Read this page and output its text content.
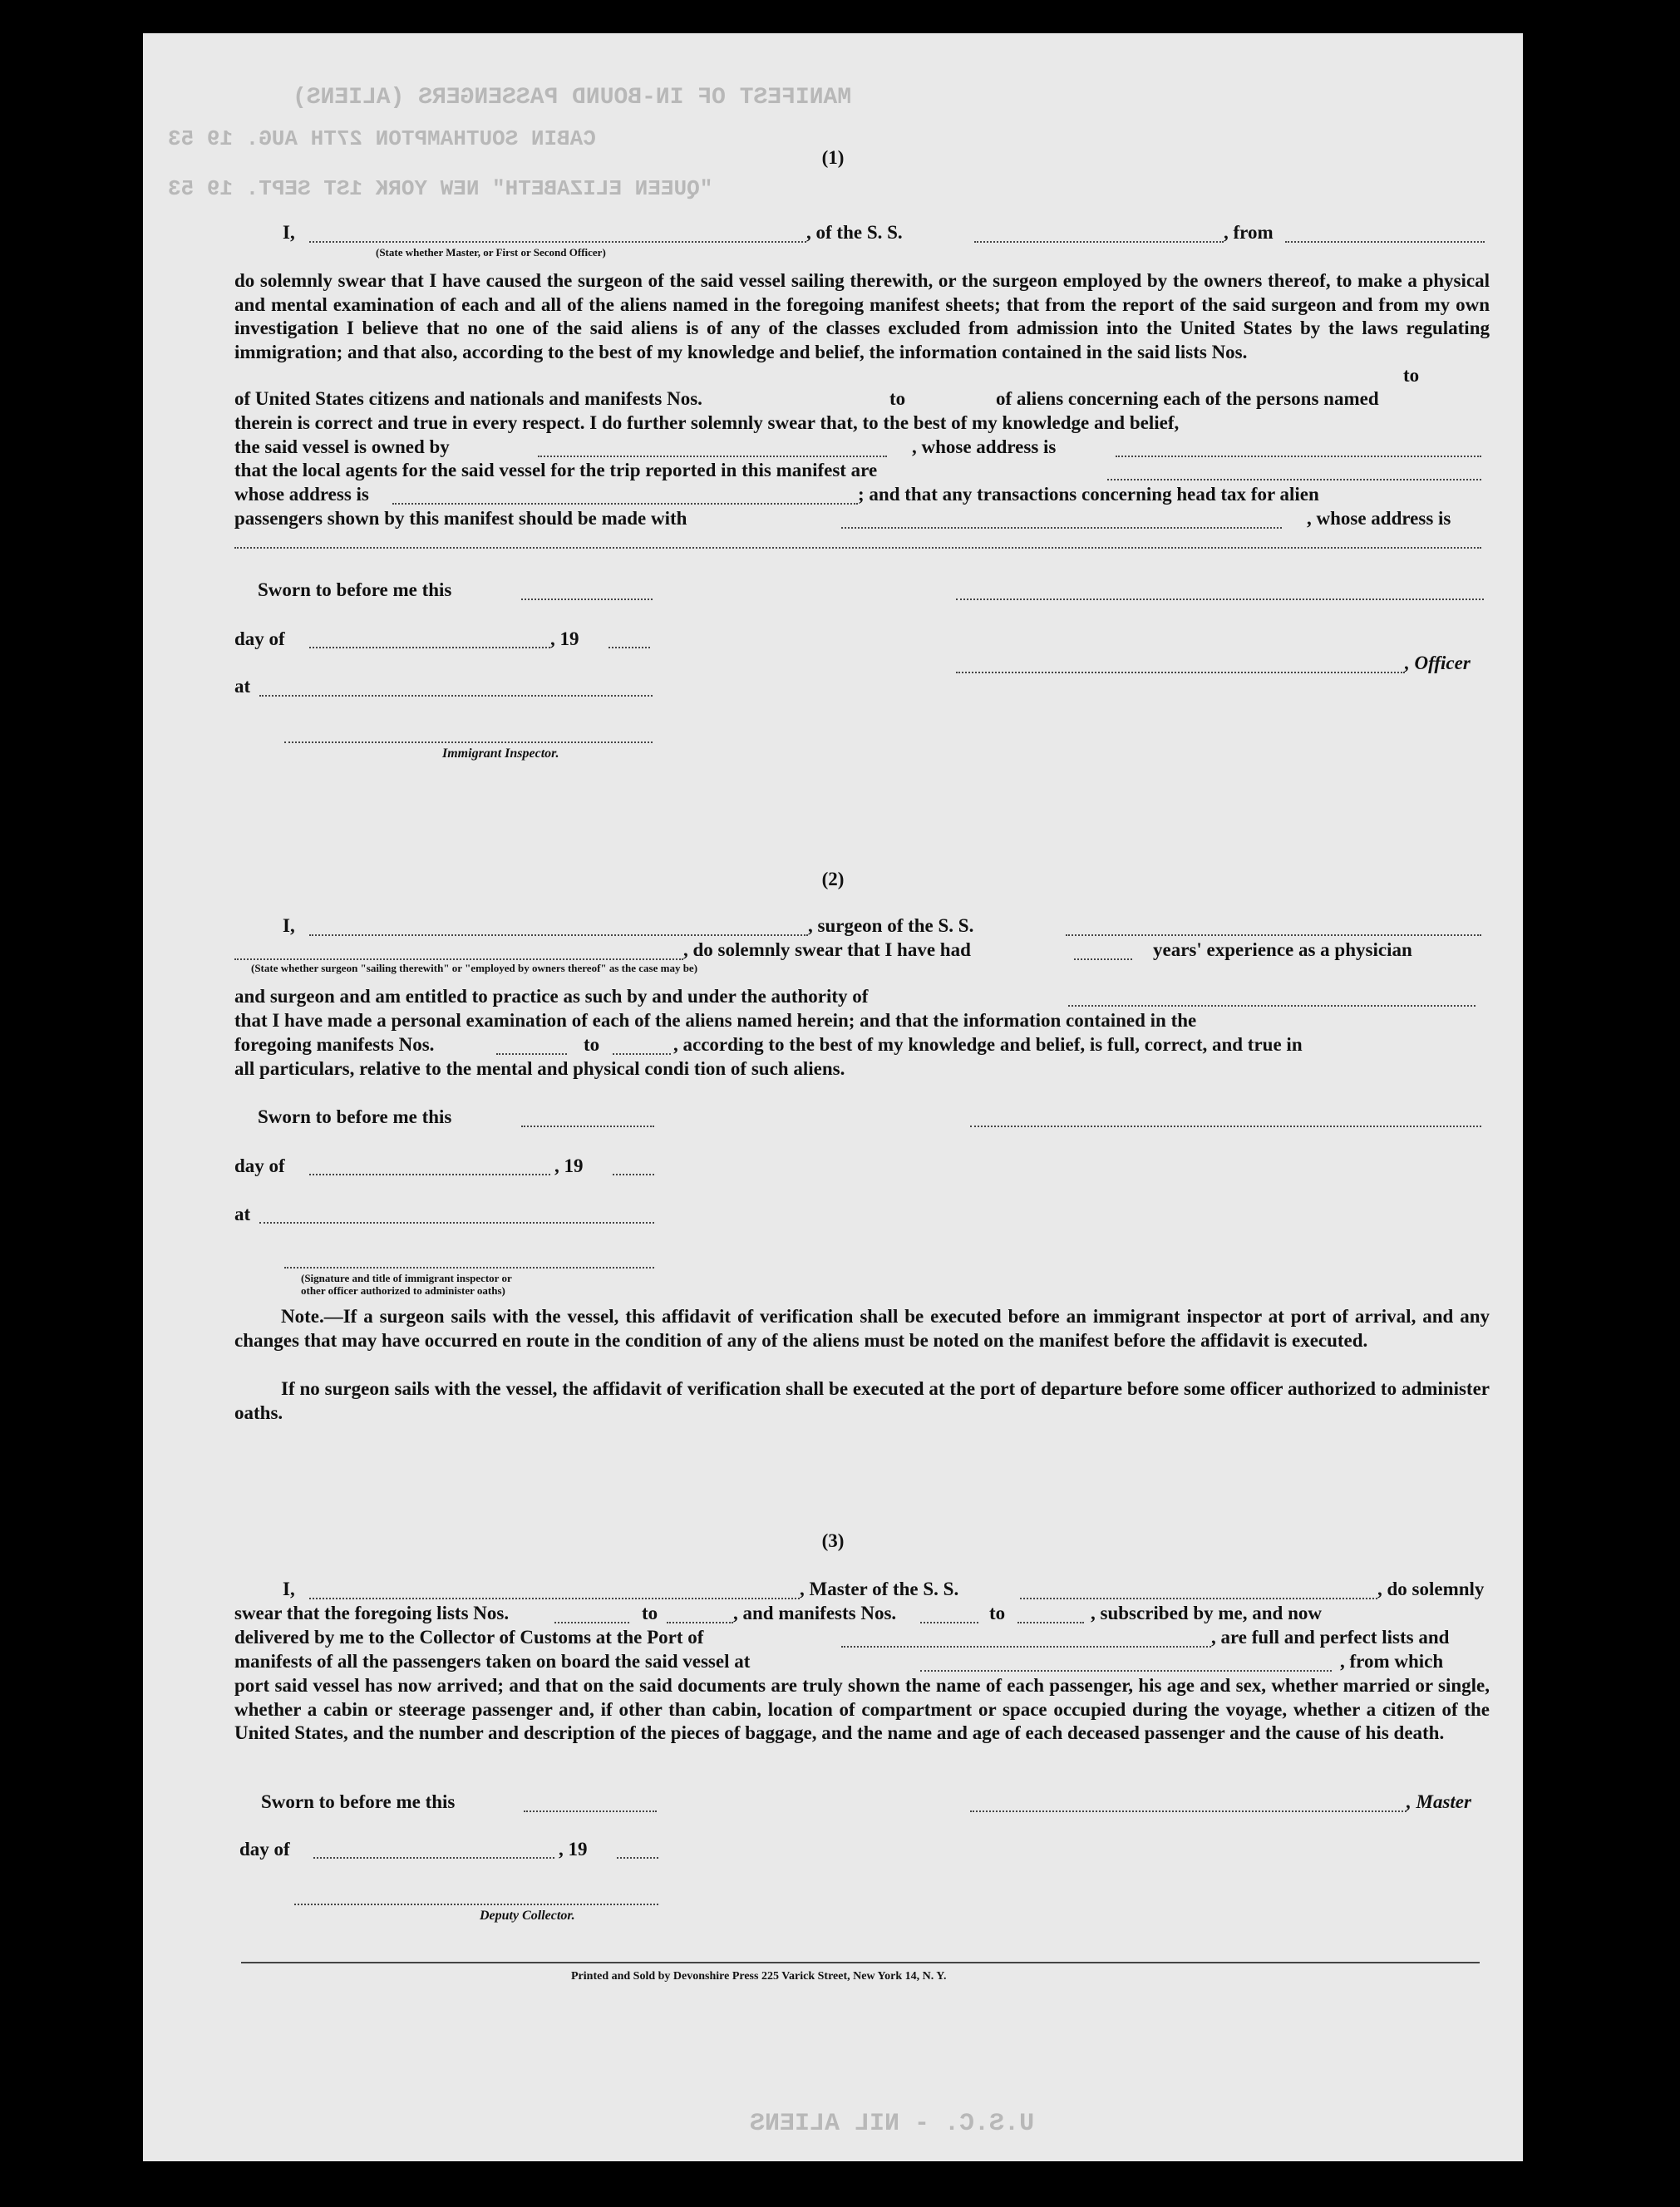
MANIFEST OF IN-BOUND PASSENGERS (ALIENS)
CABIN SOUTHAMPTON 27TH AUG. 19 53
"QUEEN ELIZABETH" NEW YORK 1ST SEPT. 19 53
U.S.C. - NIL ALIENS
(1)
I,	, of the S. S.	, from
(State whether Master, or First or Second Officer)
do solemnly swear that I have caused the surgeon of the said vessel sailing therewith, or the surgeon employed by the owners thereof, to make a physical and mental examination of each and all of the aliens named in the foregoing manifest sheets; that from the report of the said surgeon and from my own investigation I believe that no one of the said aliens is of any of the classes excluded from admission into the United States by the laws regulating immigration; and that also, according to the best of my knowledge and belief, the information contained in the said lists Nos.
to
of United States citizens and nationals and manifests Nos.	to	of aliens concerning each of the persons named
therein is correct and true in every respect. I do further solemnly swear that, to the best of my knowledge and belief,
the said vessel is owned by	, whose address is
that the local agents for the said vessel for the trip reported in this manifest are
whose address is	; and that any transactions concerning head tax for alien
passengers shown by this manifest should be made with	, whose address is
Sworn to before me this
day of	, 19
, Officer
at
Immigrant Inspector.
(2)
I,	, surgeon of the S. S.
, do solemnly swear that I have had	years' experience as a physician
(State whether surgeon "sailing therewith" or "employed by owners thereof" as the case may be)
and surgeon and am entitled to practice as such by and under the authority of
that I have made a personal examination of each of the aliens named herein; and that the information contained in the
foregoing manifests Nos.	to	, according to the best of my knowledge and belief, is full, correct, and true in
all particulars, relative to the mental and physical condi tion of such aliens.
Sworn to before me this
day of	, 19
at
(Signature and title of immigrant inspector or
other officer authorized to administer oaths)
Note.—If a surgeon sails with the vessel, this affidavit of verification shall be executed before an immigrant inspector at port of arrival, and any changes that may have occurred en route in the condition of any of the aliens must be noted on the manifest before the affidavit is executed.
If no surgeon sails with the vessel, the affidavit of verification shall be executed at the port of departure before some officer authorized to administer oaths.
(3)
I,	, Master of the S. S.	, do solemnly
swear that the foregoing lists Nos.	to	, and manifests Nos.	to	, subscribed by me, and now
delivered by me to the Collector of Customs at the Port of	, are full and perfect lists and
manifests of all the passengers taken on board the said vessel at	, from which
port said vessel has now arrived; and that on the said documents are truly shown the name of each passenger, his age and sex, whether married or single, whether a cabin or steerage passenger and, if other than cabin, location of compartment or space occupied during the voyage, whether a citizen of the United States, and the number and description of the pieces of baggage, and the name and age of each deceased passenger and the cause of his death.
Sworn to before me this	, Master
day of	, 19
Deputy Collector.
Printed and Sold by Devonshire Press 225 Varick Street, New York 14, N. Y.
